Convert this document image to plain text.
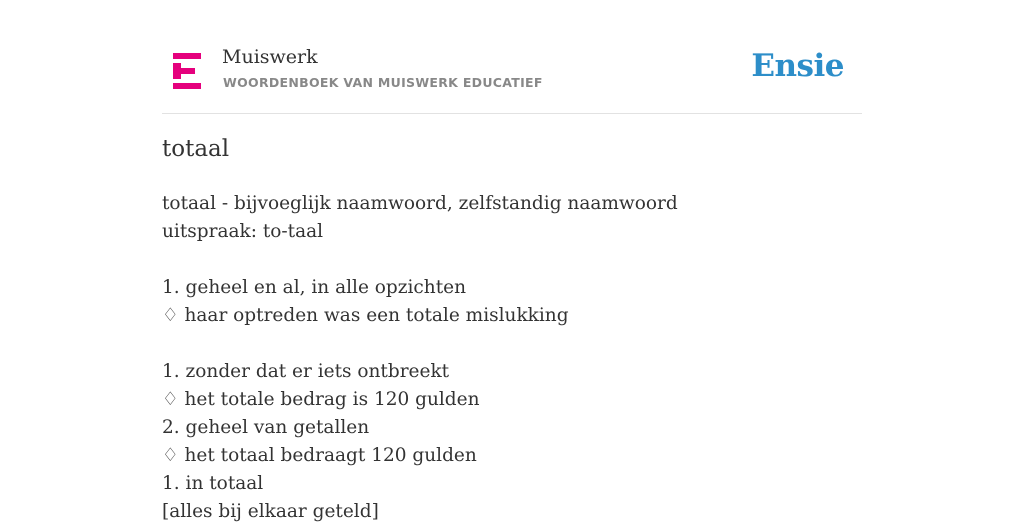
Muiswerk
WOORDENBOEK VAN MUISWERK EDUCATIEF	Ensie
totaal
totaal - bijvoeglijk naamwoord, zelfstandig naamwoord
uitspraak: to-taal
1. geheel en al, in alle opzichten
♢ haar optreden was een totale mislukking
1. zonder dat er iets ontbreekt
♢ het totale bedrag is 120 gulden
2. geheel van getallen
♢ het totaal bedraagt 120 gulden
1. in totaal
[alles bij elkaar geteld]
